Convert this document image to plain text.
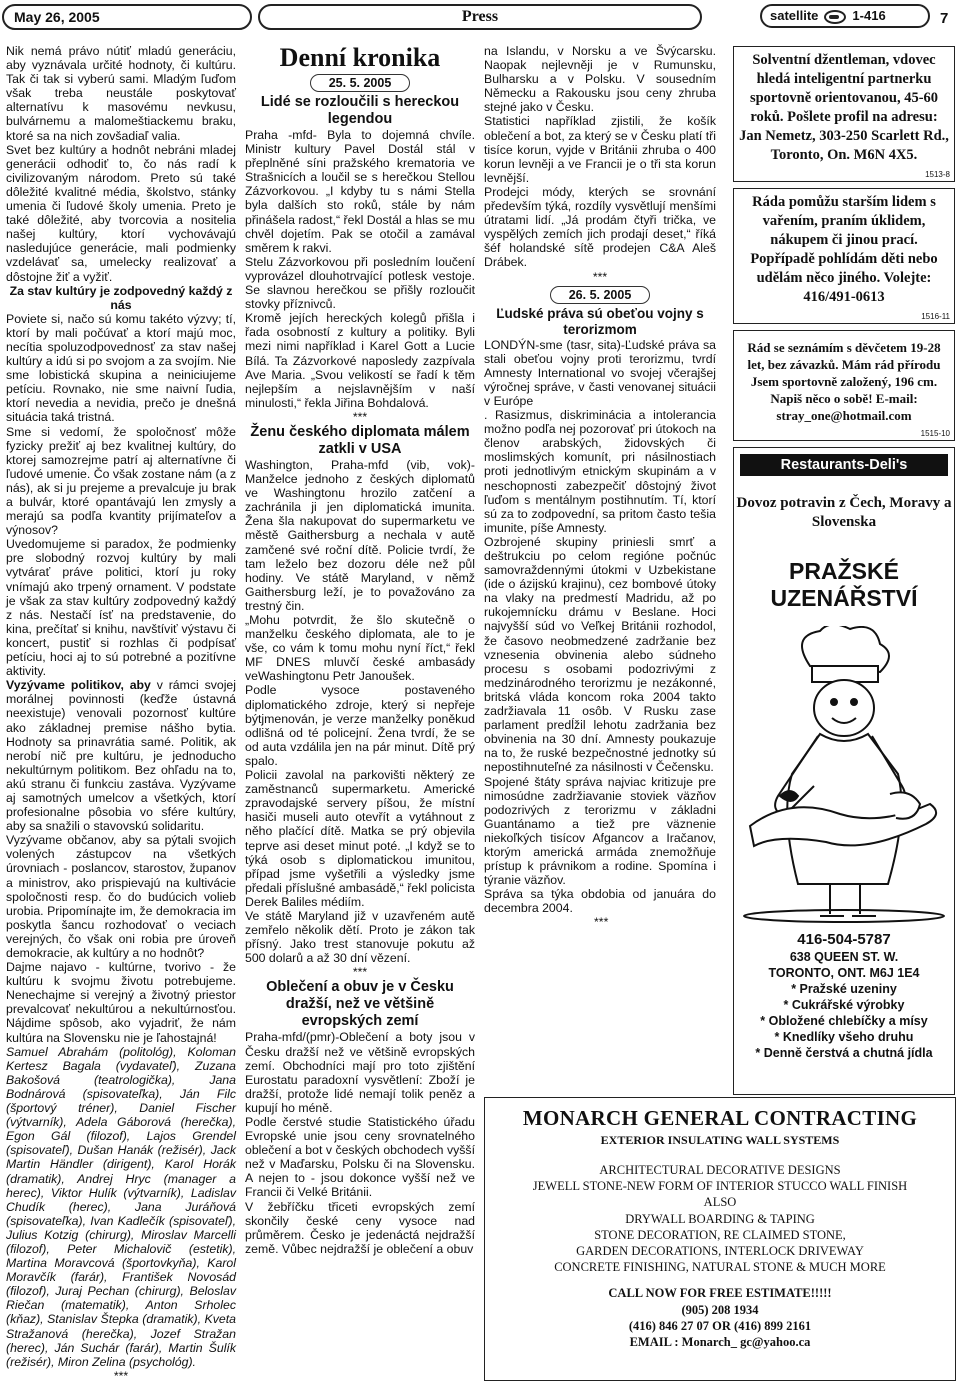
May 26, 2005	Press	satellite	1-416	7

Nik nemá právo nútiť mladú generáciu, aby vyznávala určité hodnoty, či kultúru. Tak či tak si vyberú sami. Mladým ľuďom však treba neustále poskytovať alternatívu k masovému nevkusu, bulvárnemu a malomeštiackemu braku, ktoré sa na nich zovšadiaľ valia.

Svet bez kultúry a hodnôt nebráni mladej generácii odhodiť to, čo nás radí k civilizovaným národom. Preto sú také dôležité kvalitné média, školstvo, stánky umenia či ľudové školy umenia. Preto je také dôležité, aby tvorcovia a nositelia našej kultúry, ktorí vychovávajú nasledujúce generácie, mali podmienky vzdelávať sa, umelecky realizovať a dôstojne žiť a vyžiť.

Za stav kultúry je zodpovedný každý z nás

Poviete si, načo sú komu takéto výzvy; tí, ktorí by mali počúvať a ktorí majú moc, necítia spoluzodpovednosť za stav našej kultúry a idú si po svojom a za svojím. Nie sme lobistická skupina a neiniciujeme petíciu. Rovnako, nie sme naivní ľudia, ktorí nevedia a nevidia, prečo je dnešná situácia taká tristná.

Sme si vedomí, že spoločnosť môže fyzicky prežiť aj bez kvalitnej kultúry, do ktorej samozrejme patrí aj alternatívne či ľudové umenie. Čo však zostane nám (a z nás), ak si ju prejeme a prevalcuje ju brak a bulvár, ktoré opantávajú len zmysly a merajú sa podľa kvantity prijímateľov a výnosov?

Uvedomujeme si paradox, že podmienky pre slobodný rozvoj kultúry by mali vytvárať práve politici, ktorí ju roky vnímajú ako trpený ornament. V podstate je však za stav kultúry zodpovedný každý z nás. Nestačí ísť na predstavenie, do kina, prečítať si knihu, navštíviť výstavu či koncert, pustiť si rozhlas či podpísať petíciu, hoci aj to sú potrebné a pozitívne aktivity.

Vyzývame politikov, aby v rámci svojej morálnej povinnosti (keďže ústavná neexistuje) venovali pozornosť kultúre ako základnej premise nášho bytia. Hodnoty sa prinavrátia samé. Politik, ak nerobí nič pre kultúru, je jednoducho nekultúrnym politikom. Bez ohľadu na to, akú stranu či funkciu zastáva. Vyzývame aj samotných umelcov a všetkých, ktorí profesionalne pôsobia vo sfére kultúry, aby sa snažili o stavovskú solidaritu.

Vyzývame občanov, aby sa pýtali svojich volených zástupcov na všetkých úrovniach - poslancov, starostov, županov a ministrov, ako prispievajú na kultivácie spoločnosti resp. čo do budúcich volieb urobia. Pripomínajte im, že demokracia im poskytla šancu rozhodovať o veciach verejných, čo však oni robia pre úroveň demokracie, ak kultúry a no hodnôt?

Dajme najavo - kultúrne, tvorivo - že kultúru k svojmu životu potrebujeme. Nenechajme si verejný a životný priestor prevalcovať nekultúrou a nekultúrnosťou. Nájdime spôsob, ako vyjadriť, že nám kultúra na Slovensku nie je ľahostajná!

Samuel Abrahám (politológ), Koloman Kertesz Bagala (vydavateľ), Zuzana Bakošová (teatrologička), Jana Bodnárová (spisovateľka), Ján Filc (športový tréner), Daniel Fischer (výtvarník), Adela Gáborová (herečka), Egon Gál (filozof), Lajos Grendel (spisovateľ), Dušan Hanák (režisér), Jack Martin Händler (dirigent), Karol Horák (dramatik), Andrej Hryc (manager a herec), Viktor Hulík (výtvarník), Ladislav Chudík (herec), Jana Juráňová (spisovateľka), Ivan Kadlečík (spisovateľ), Julius Kotzig (chirurg), Miroslav Marcelli (filozof), Peter Michalovič (estetik), Martina Moravcová (športovkyňa), Karol Moravčík (farár), František Novosád (filozof), Juraj Pechan (chirurg), Beloslav Riečan (matematik), Anton Srholec (kňaz), Stanislav Štepka (dramatik), Kveta Stražanová (herečka), Jozef Stražan (herec), Ján Suchár (farár), Martin Šulík (režisér), Miron Zelina (psychológ).

***

Denní kronika
25. 5. 2005

Lidé se rozloučili s hereckou legendou

Praha -mfd- Byla to dojemná chvíle. Ministr kultury Pavel Dostál stál v přeplněné síni pražského krematoria ve Strašnicích a loučil se s herečkou Stellou Zázvorkovou. „I kdyby tu s námi Stella byla dalších sto roků, stále by nám přinášela radost,“ řekl Dostál a hlas se mu chvěl dojetím. Pak se otočil a zamával směrem k rakvi.

Stelu Zázvorkovou při posledním loučení vyprovázel dlouhotrvající potlesk vestoje. Se slavnou herečkou se přišly rozloučit stovky příznivců.

Kromě jejích hereckých kolegů přišla i řada osobností z kultury a politiky. Byli mezi nimi například i Karel Gott a Lucie Bílá. Ta Zázvorkové naposledy zazpívala Ave Maria. „Svou velikostí se řadí k těm nejlepším a nejslavnějším v naší minulosti,“ řekla Jiřina Bohdalová.

***

Ženu českého diplomata málem zatkli v USA

Washington, Praha-mfd (vib, vok)- Manželce jednoho z českých diplomatů ve Washingtonu hrozilo zatčení a zachránila ji jen diplomatická imunita. Žena šla nakupovat do supermarketu ve městě Gaithersburg a nechala v autě zamčené své roční dítě. Policie tvrdí, že tam leželo bez dozoru déle než půl hodiny. Ve státě Maryland, v němž Gaithersburg leží, je to považováno za trestný čin.

„Mohu potvrdit, že šlo skutečně o manželku českého diplomata, ale to je vše, co vám k tomu mohu nyní říct,“ řekl MF DNES mluvčí české ambasády veWashingtonu Petr Janoušek.

Podle vysoce postaveného diplomatického zdroje, který si nepřeje býtjmenován, je verze manželky poněkud odlišná od té policejní. Žena tvrdí, že se od auta vzdálila jen na pár minut. Dítě prý spalo.

Policii zavolal na parkovišti některý ze zaměstnanců supermarketu. Americké zpravodajské servery píšou, že místní hasiči museli auto otevřít a vytáhnout z něho plačící dítě. Matka se prý objevila teprve asi deset minut poté. „I když se to týká osob s diplomatickou imunitou, případ jsme vyšetřili a výsledky jsme předali příslušné ambasádě,“ řekl policista Derek Baliles médiím.

Ve státě Maryland již v uzavřeném autě zemřelo několik dětí. Proto je zákon tak přísný. Jako trest stanovuje pokutu až 500 dolarů a až 30 dní vězení.

***

Oblečení a obuv je v Česku dražší, než ve většině evropských zemí

Praha-mfd/(pmr)-Oblečení a boty jsou v Česku dražší než ve většině evropských zemí. Obchodníci mají pro toto zjištění Eurostatu paradoxní vysvětlení: Zboží je dražší, protože lidé nemají tolik peněz a kupují ho méně.

Podle čerstvé studie Statistického úřadu Evropské unie jsou ceny srovnatelného oblečení a bot v českých obchodech vyšší než v Maďarsku, Polsku či na Slovensku. A nejen to - jsou dokonce vyšší než ve Francii či Velké Británii.

V žebříčku třiceti evropských zemí skončily české ceny vysoce nad průměrem. Česko je jedenáctá nejdražší země. Vůbec nejdražší je oblečení a obuv

na Islandu, v Norsku a ve Švýcarsku. Naopak nejlevněji je v Rumunsku, Bulharsku a v Polsku. V sousedním Německu a Rakousku jsou ceny zhruba stejné jako v Česku.

Statistici například zjistili, že košík oblečení a bot, za který se v Česku platí tři tisíce korun, vyjde v Británii zhruba o 400 korun levněji a ve Francii je o tři sta korun levnější.

Prodejci módy, kterých se srovnání především týká, rozdíly vysvětlují menšími útratami lidí. „Já prodám čtyři trička, ve vyspělých zemích jich prodají deset,“ říká šéf holandské sítě prodejen C&A Aleš Drábek.

***

26. 5. 2005

Ľudské práva sú obeťou vojny s terorizmom

LONDÝN-sme (tasr, sita)-Ľudské práva sa stali obeťou vojny proti terorizmu, tvrdí Amnesty International vo svojej včerajšej výročnej správe, v časti venovanej situácii v Európe

. Rasizmus, diskriminácia a intolerancia možno podľa nej pozorovať pri útokoch na členov arabských, židovských či moslimských komunít, pri násilnostiach proti jednotlivým etnickým skupinám a v neschopnosti zabezpečiť dôstojný život ľuďom s mentálnym postihnutím. Tí, ktorí sú za to zodpovední, sa pritom často tešia imunite, píše Amnesty.

Ozbrojené skupiny priniesli smrť a deštrukciu po celom regióne počnúc samovraždennými útokmi v Uzbekistane (ide o ázijskú krajinu), cez bombové útoky na vlaky na predmestí Madridu, až po rukojemnícku drámu v Beslane. Hoci najvyšší súd vo Veľkej Británii rozhodol, že časovo neobmedzené zadržanie bez vznesenia obvinenia alebo súdneho procesu s osobami podozrivými z medzinárodného terorizmu je nezákonné, britská vláda koncom roka 2004 takto zadržiavala 11 osôb. V Rusku zase parlament predĺžil lehotu zadržania bez obvinenia na 30 dní. Amnesty poukazuje na to, že ruské bezpečnostné jednotky sú nepostihnuteľné za násilnosti v Čečensku.

Spojené štáty správa najviac kritizuje pre nimosúdne zadržiavanie stoviek väzňov podozrivých z terorizmu v základni Guantánamo a tiež pre väznenie niekoľkých tisícov Afgancov a Iračanov, ktorým americká armáda znemožňuje prístup k právnikom a rodine. Spomína i týranie väzňov.

Správa sa týka obdobia od januára do decembra 2004.

***

Solventní džentleman, vdovec hledá inteligentní partnerku sportovně orientovanou, 45-60 roků. Pošlete profil na adresu: Jan Nemetz, 303-250 Scarlett Rd., Toronto, On. M6N 4X5.
1513-8
Ráda pomůžu starším lidem s vařením, praním úklidem, nákupem či jinou prací. Popřípadě pohlídám děti nebo udělám něco jiného. Volejte: 416/491-0613
1516-11
Rád se seznámím s děvčetem 19-28 let, bez závazků. Mám rád přírodu Jsem sportovně založený, 196 cm. Napiš něco o sobě! E-mail: stray_one@hotmail.com
1515-10
Restaurants-Deli's
Dovoz potravin z Čech, Moravy a Slovenska
PRAŽSKÉ UZENÁŘSTVÍ
416-504-5787
638 QUEEN ST. W.
TORONTO, ONT. M6J 1E4
* Pražské uzeniny
* Cukrářské výrobky
* Obložené chlebíčky a mísy
* Knedlíky všeho druhu
* Denně čerstvá a chutná jídla
MONARCH GENERAL CONTRACTING
EXTERIOR INSULATING WALL SYSTEMS
ARCHITECTURAL DECORATIVE DESIGNS
JEWELL STONE-NEW FORM OF INTERIOR STUCCO WALL FINISH
ALSO
DRYWALL BOARDING & TAPING
STONE DECORATION, RE CLAIMED STONE,
GARDEN DECORATIONS, INTERLOCK DRIVEWAY
CONCRETE FINISHING, NATURAL STONE & MUCH MORE
CALL NOW FOR FREE ESTIMATE!!!!!
(905) 208 1934
(416) 846 27 07 OR (416) 899 2161
EMAIL : Monarch_ gc@yahoo.ca
